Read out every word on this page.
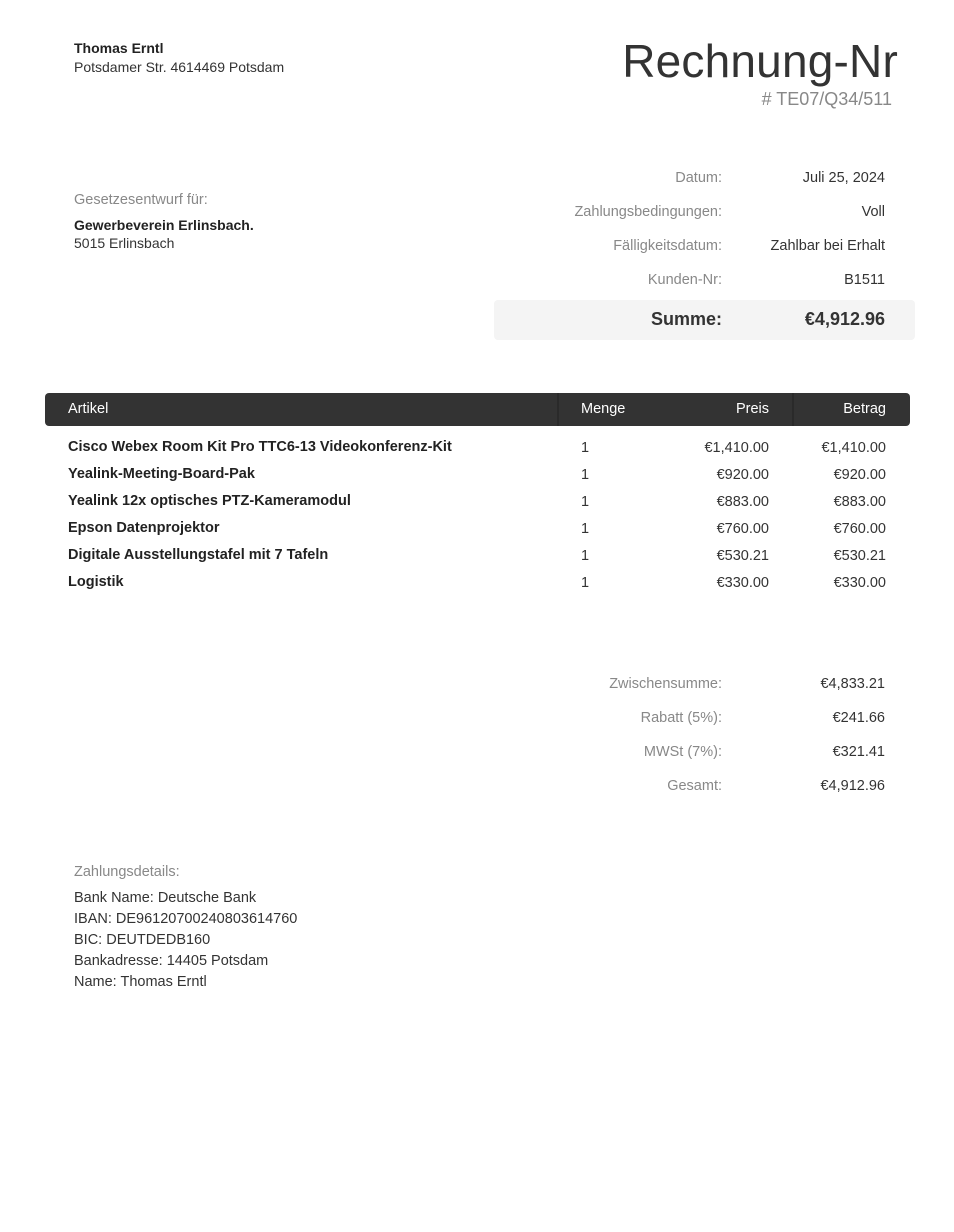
Thomas Erntl
Potsdamer Str. 4614469 Potsdam	Rechnung-Nr
# TE07/Q34/511
Gesetzesentwurf für:
Gewerbeverein Erlinsbach.
5015 Erlinsbach
Datum:	Juli 25, 2024
Zahlungsbedingungen:	Voll
Fälligkeitsdatum:	Zahlbar bei Erhalt
Kunden-Nr:	B1511
Summe:	€4,912.96
Artikel	Menge	Preis	Betrag
Cisco Webex Room Kit Pro TTC6-13 Videokonferenz-Kit	1	€1,410.00	€1,410.00
Yealink-Meeting-Board-Pak	1	€920.00	€920.00
Yealink 12x optisches PTZ-Kameramodul	1	€883.00	€883.00
Epson Datenprojektor	1	€760.00	€760.00
Digitale Ausstellungstafel mit 7 Tafeln	1	€530.21	€530.21
Logistik	1	€330.00	€330.00
Zwischensumme:	€4,833.21
Rabatt (5%):	€241.66
MWSt (7%):	€321.41
Gesamt:	€4,912.96
Zahlungsdetails:
Bank Name: Deutsche Bank
IBAN: DE96120700240803614760
BIC: DEUTDEDB160
Bankadresse: 14405 Potsdam
Name: Thomas Erntl
